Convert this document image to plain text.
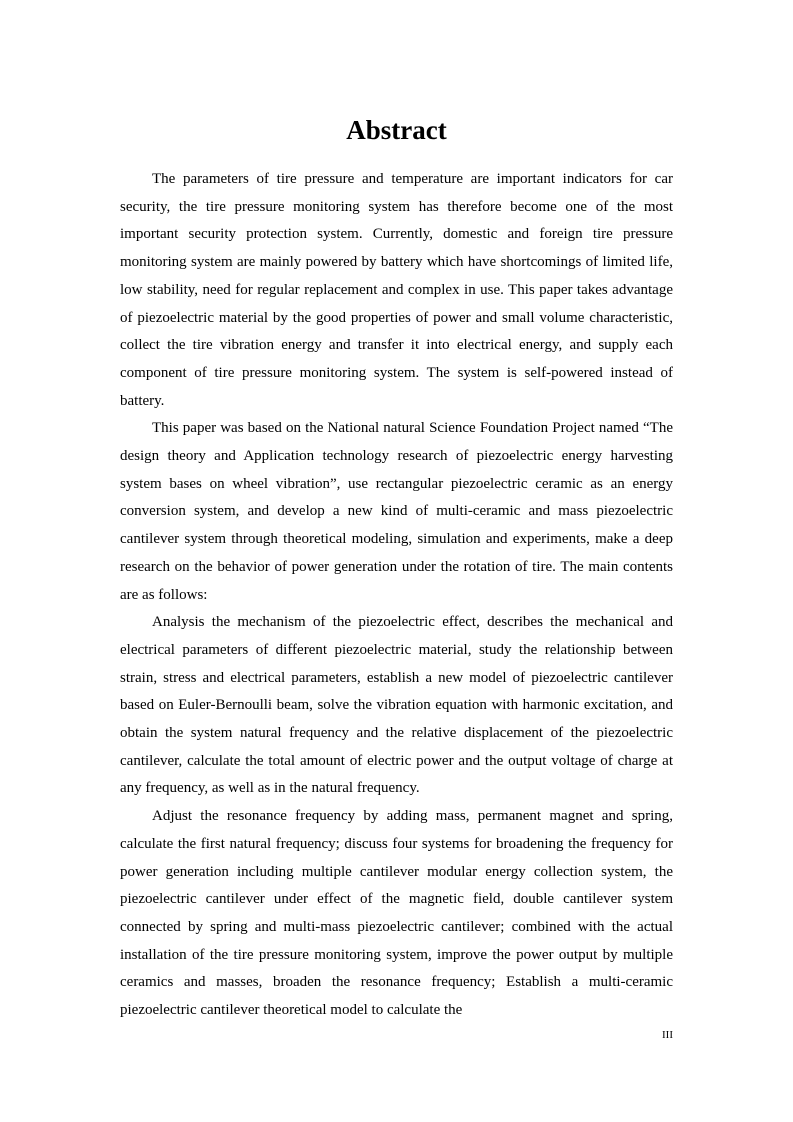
Abstract

The parameters of tire pressure and temperature are important indicators for car security, the tire pressure monitoring system has therefore become one of the most important security protection system. Currently, domestic and foreign tire pressure monitoring system are mainly powered by battery which have shortcomings of limited life, low stability, need for regular replacement and complex in use. This paper takes advantage of piezoelectric material by the good properties of power and small volume characteristic, collect the tire vibration energy and transfer it into electrical energy, and supply each component of tire pressure monitoring system. The system is self-powered instead of battery.

This paper was based on the National natural Science Foundation Project named “The design theory and Application technology research of piezoelectric energy harvesting system bases on wheel vibration”, use rectangular piezoelectric ceramic as an energy conversion system, and develop a new kind of multi-ceramic and mass piezoelectric cantilever system through theoretical modeling, simulation and experiments, make a deep research on the behavior of power generation under the rotation of tire. The main contents are as follows:

Analysis the mechanism of the piezoelectric effect, describes the mechanical and electrical parameters of different piezoelectric material, study the relationship between strain, stress and electrical parameters, establish a new model of piezoelectric cantilever based on Euler-Bernoulli beam, solve the vibration equation with harmonic excitation, and obtain the system natural frequency and the relative displacement of the piezoelectric cantilever, calculate the total amount of electric power and the output voltage of charge at any frequency, as well as in the natural frequency.

Adjust the resonance frequency by adding mass, permanent magnet and spring, calculate the first natural frequency; discuss four systems for broadening the frequency for power generation including multiple cantilever modular energy collection system, the piezoelectric cantilever under effect of the magnetic field, double cantilever system connected by spring and multi-mass piezoelectric cantilever; combined with the actual installation of the tire pressure monitoring system, improve the power output by multiple ceramics and masses, broaden the resonance frequency; Establish a multi-ceramic piezoelectric cantilever theoretical model to calculate the

III
